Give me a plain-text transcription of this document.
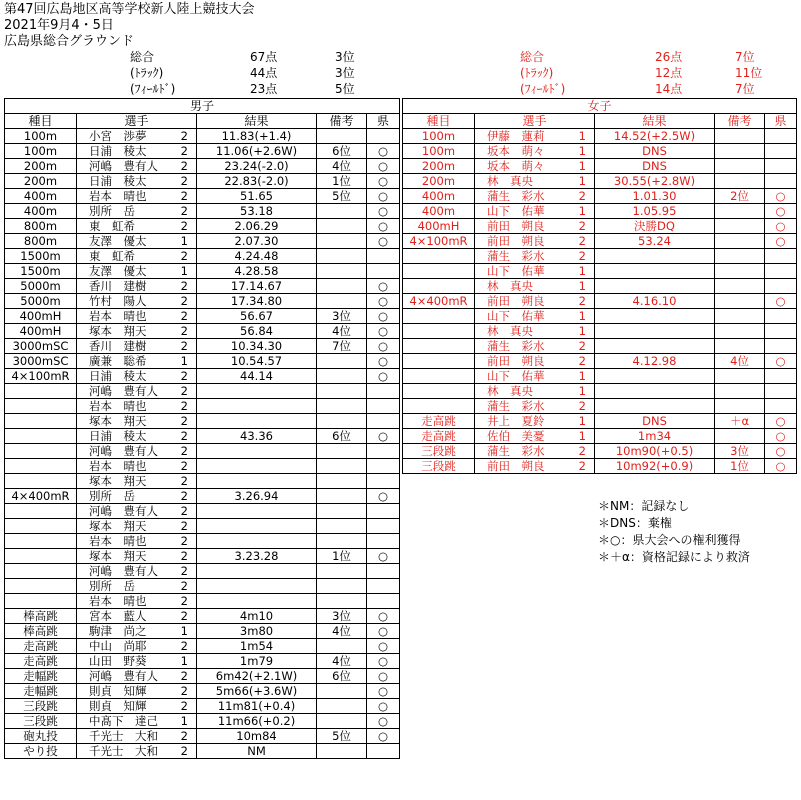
第47回広島地区高等学校新人陸上競技大会
2021年9月4・5日
広島県総合グラウンド
総合	67点	3位
(ﾄﾗｯｸ)	44点	3位
(ﾌｨｰﾙﾄﾞ)	23点	5位
総合	26点	7位
(ﾄﾗｯｸ)	12点	11位
(ﾌｨｰﾙﾄﾞ)	14点	7位
男子				
種目	選手	結果	備考	県
100m	小宮　渉夢 2	11.83(+1.4)		
100m	日浦　稜太 2	11.06(+2.6W)	6位	○
200m	河嶋　豊有人 2	23.24(-2.0)	4位	○
200m	日浦　稜太 2	22.83(-2.0)	1位	○
400m	岩本　晴也 2	51.65	5位	○
400m	別所　岳 2	53.18		○
800m	東　虹希 2	2.06.29		○
800m	友澤　優太 1	2.07.30		○
1500m	東　虹希 2	4.24.48		
1500m	友澤　優太 1	4.28.58		
5000m	香川　建樹 2	17.14.67		○
5000m	竹村　陽人 2	17.34.80		○
400mH	岩本　晴也 2	56.67	3位	○
400mH	塚本　翔天 2	56.84	4位	○
3000mSC	香川　建樹 2	10.34.30	7位	○
3000mSC	廣兼　聡希 1	10.54.57		○
4×100mR	日浦　稜太 2	44.14		○

	河嶋　豊有人 2			

	岩本　晴也 2			

	塚本　翔天 2			

	日浦　稜太 2	43.36	6位	○

	河嶋　豊有人 2			

	岩本　晴也 2			

	塚本　翔天 2			

4×400mR	別所　岳 2	3.26.94		○

	河嶋　豊有人 2			

	塚本　翔天 2			

	岩本　晴也 2			

	塚本　翔天 2	3.23.28	1位	○

	河嶋　豊有人 2			

	別所　岳 2			

	岩本　晴也 2			

棒高跳	宮本　藍人 2	4m10	3位	○
棒高跳	駒津　尚之 1	3m80	4位	○
走高跳	中山　尚耶 2	1m54		○
走高跳	山田　野葵 1	1m79	4位	○
走幅跳	河嶋　豊有人 2	6m42(+2.1W)	6位	○
走幅跳	則貞　知輝 2	5m66(+3.6W)		○
三段跳	則貞　知輝 2	11m81(+0.4)		○
三段跳	中髙下　達己 1	11m66(+0.2)		○
砲丸投	千光士　大和 2	10m84	5位	○
やり投	千光士　大和 2	NM		
女子				
種目	選手	結果	備考	県
100m	伊藤　蓮莉 1	14.52(+2.5W)		
100m	坂本　萌々 1	DNS		
200m	坂本　萌々 1	DNS		
200m	林　真央 1	30.55(+2.8W)		
400m	蒲生　彩水 2	1.01.30	2位	○
400m	山下　佑華 1	1.05.95		○
400mH	前田　朔良 2	決勝DQ		○
4×100mR	前田　朔良 2	53.24		○

	蒲生　彩水 2			

	山下　佑華 1			

	林　真央 1			

4×400mR	前田　朔良 2	4.16.10		○

	山下　佑華 1			

	林　真央 1			

	蒲生　彩水 2			

	前田　朔良 2	4.12.98	4位	○

	山下　佑華 1			

	林　真央 1			

	蒲生　彩水 2			

走高跳	井上　夏鈴 1	DNS	＋α	○
走高跳	佐伯　美憂 1	1m34		○
三段跳	蒲生　彩水 2	10m90(+0.5)	3位	○
三段跳	前田　朔良 2	10m92(+0.9)	1位	○
＊NM：記録なし
＊DNS：棄権
＊○：県大会への権利獲得
＊＋α：資格記録により救済
